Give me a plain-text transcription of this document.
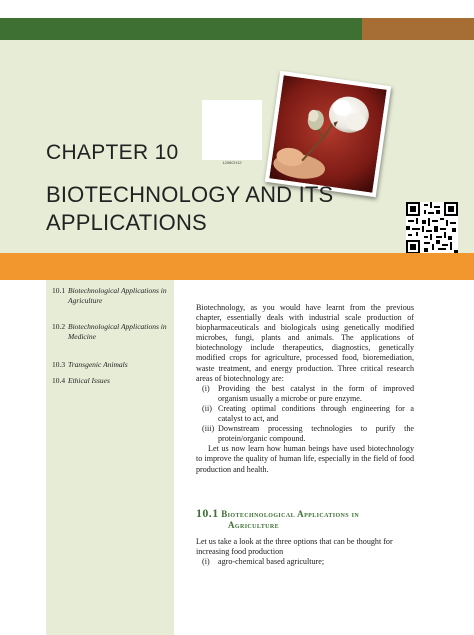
1208CH12
CHAPTER 10
BIOTECHNOLOGY AND ITS
APPLICATIONS
10.1 Biotechnological Applications in Agriculture
10.2 Biotechnological Applications in Medicine
10.3 Transgenic Animals
10.4 Ethical Issues

Biotechnology, as you would have learnt from the previous chapter, essentially deals with industrial scale production of biopharmaceuticals and biologicals using genetically modified microbes, fungi, plants and animals. The applications of biotechnology include therapeutics, diagnostics, genetically modified crops for agriculture, processed food, bioremediation, waste treatment, and energy production. Three critical research areas of biotechnology are:

(i) Providing the best catalyst in the form of improved organism usually a microbe or pure enzyme.
(ii) Creating optimal conditions through engineering for a catalyst to act, and
(iii) Downstream processing technologies to purify the protein/organic compound.

Let us now learn how human beings have used biotechnology to improve the quality of human life, especially in the field of food production and health.

10.1 Biotechnological Applications in
Agriculture

Let us take a look at the three options that can be thought for increasing food production

(i) agro-chemical based agriculture;
